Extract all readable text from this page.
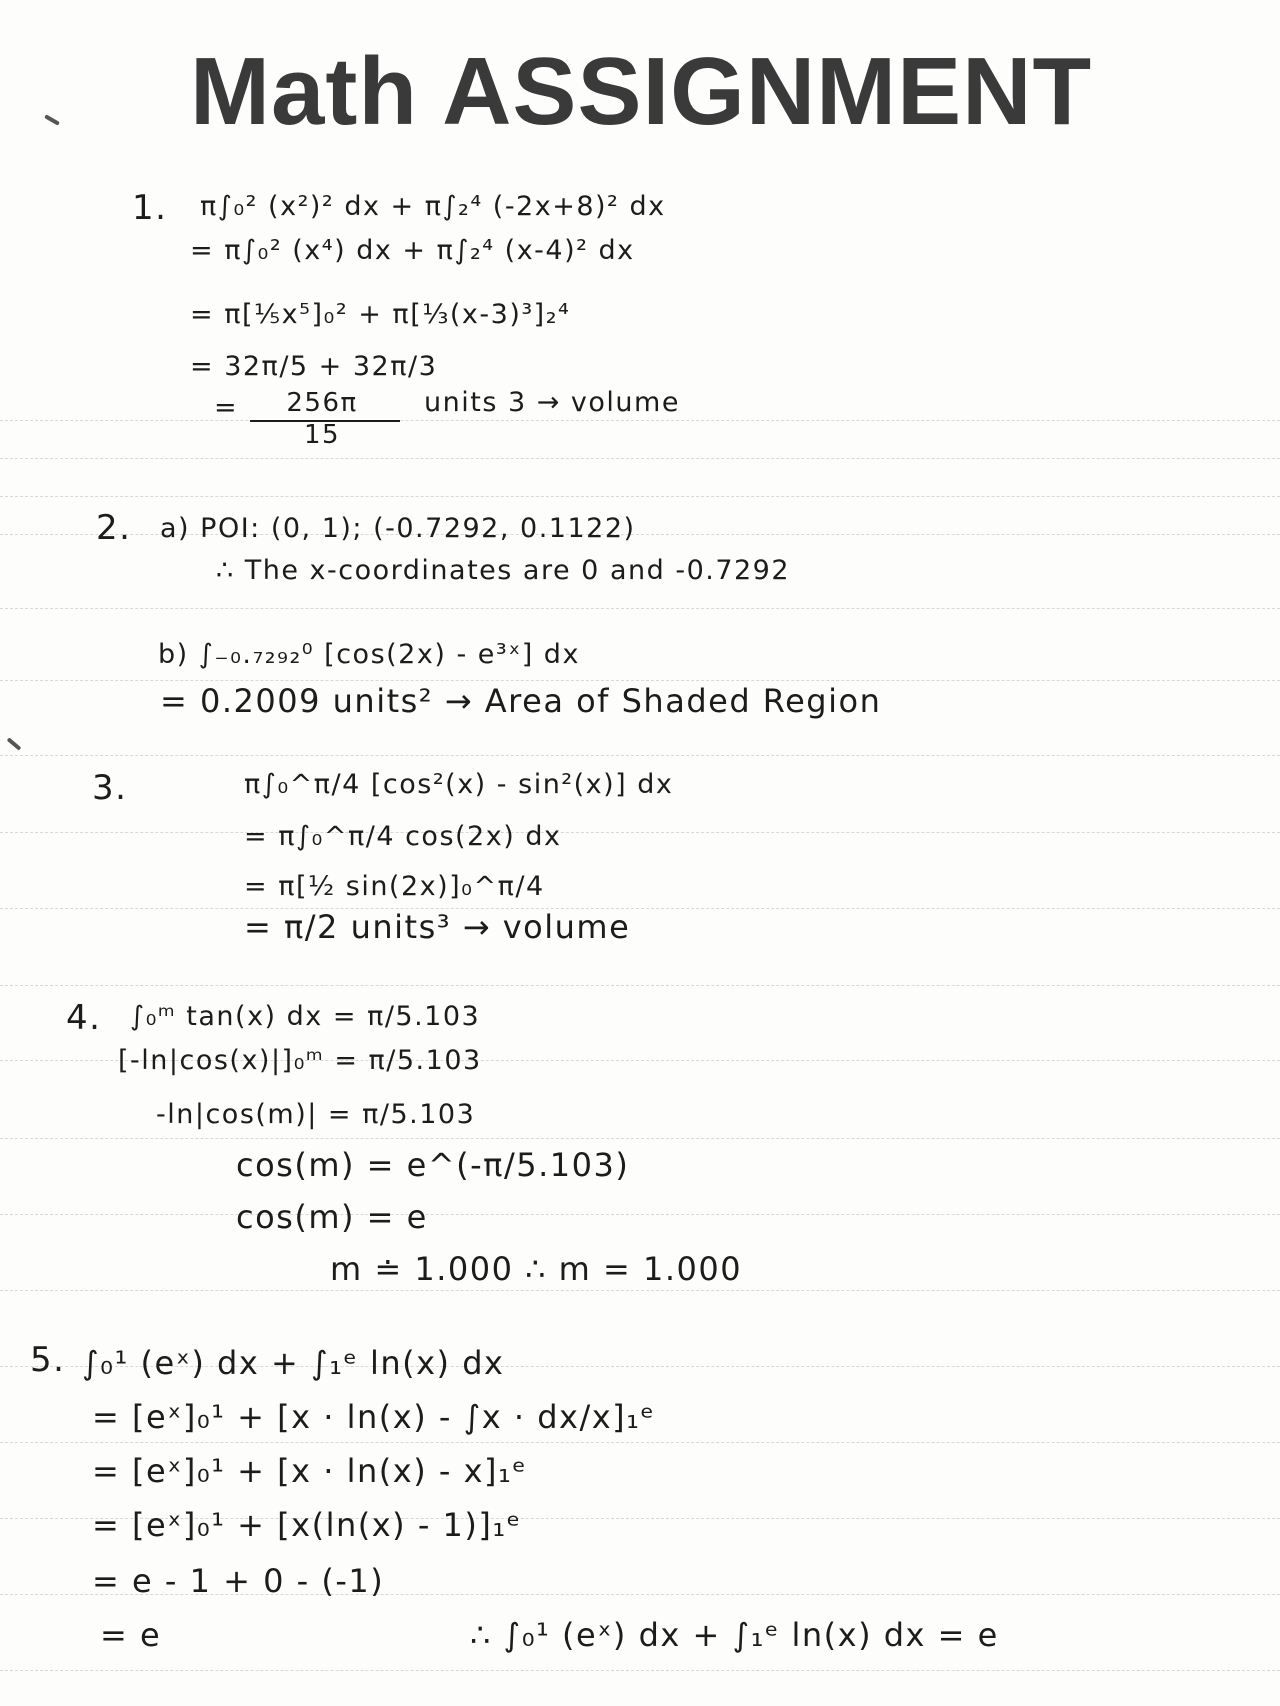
Math ASSIGNMENT
1. π∫₀² (x²)² dx + π∫₂⁴ (-2x+8)² dx
= π∫₀² (x⁴) dx + π∫₂⁴ (x-4)² dx
= π[⅕x⁵]₀² + π[⅓(x-3)³]₂⁴
= 32π/5 + 32π/3
=	256π
15
units 3 → volume
2. a) POI: (0, 1); (-0.7292, 0.1122)
∴ The x-coordinates are 0 and -0.7292
b) ∫₋₀.₇₂₉₂⁰ [cos(2x) - e³ˣ] dx
= 0.2009 units² → Area of Shaded Region
3.	π∫₀^π/4 [cos²(x) - sin²(x)] dx
= π∫₀^π/4 cos(2x) dx
= π[½ sin(2x)]₀^π/4
= π/2 units³ → volume
4. ∫₀ᵐ tan(x) dx = π/5.103
[-ln|cos(x)|]₀ᵐ = π/5.103
-ln|cos(m)| = π/5.103
cos(m) = e^(-π/5.103)
cos(m) = e
m ≐ 1.000 ∴ m = 1.000
5. ∫₀¹ (eˣ) dx + ∫₁ᵉ ln(x) dx
= [eˣ]₀¹ + [x · ln(x) - ∫x · dx/x]₁ᵉ
= [eˣ]₀¹ + [x · ln(x) - x]₁ᵉ
= [eˣ]₀¹ + [x(ln(x) - 1)]₁ᵉ
= e - 1 + 0 - (-1)
= e	∴ ∫₀¹ (eˣ) dx + ∫₁ᵉ ln(x) dx = e
